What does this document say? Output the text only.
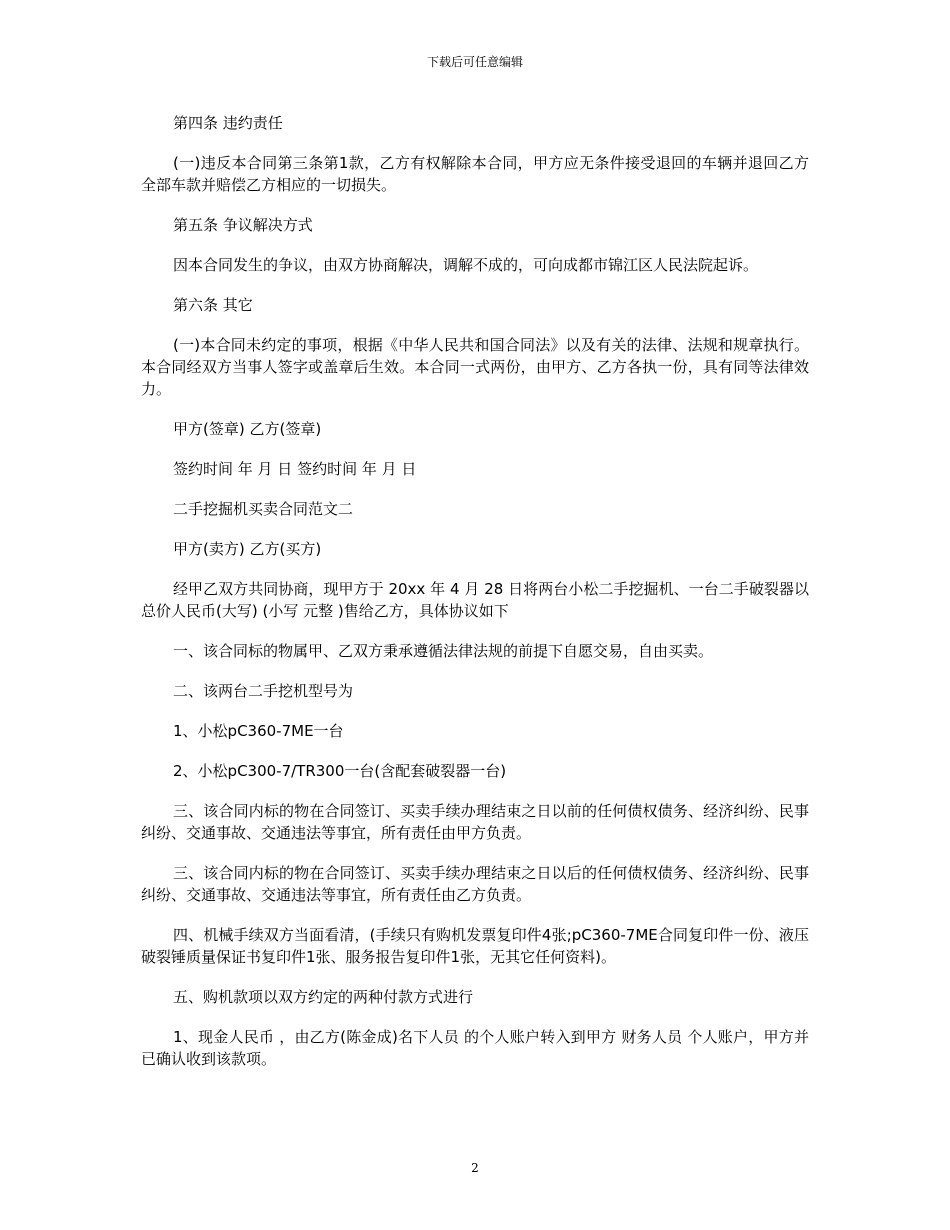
下载后可任意编辑

第四条 违约责任

(一)违反本合同第三条第1款，乙方有权解除本合同，甲方应无条件接受退回的车辆并退回乙方全部车款并赔偿乙方相应的一切损失。

第五条 争议解决方式

因本合同发生的争议，由双方协商解决，调解不成的，可向成都市锦江区人民法院起诉。

第六条 其它

(一)本合同未约定的事项，根据《中华人民共和国合同法》以及有关的法律、法规和规章执行。本合同经双方当事人签字或盖章后生效。本合同一式两份，由甲方、乙方各执一份，具有同等法律效力。

甲方(签章) 乙方(签章)

签约时间 年 月 日 签约时间 年 月 日

二手挖掘机买卖合同范文二

甲方(卖方) 乙方(买方)

经甲乙双方共同协商，现甲方于 20xx 年 4 月 28 日将两台小松二手挖掘机、一台二手破裂器以总价人民币(大写) (小写 元整 )售给乙方，具体协议如下

一、该合同标的物属甲、乙双方秉承遵循法律法规的前提下自愿交易，自由买卖。

二、该两台二手挖机型号为

1、小松pC360-7ME一台

2、小松pC300-7/TR300一台(含配套破裂器一台)

三、该合同内标的物在合同签订、买卖手续办理结束之日以前的任何债权债务、经济纠纷、民事纠纷、交通事故、交通违法等事宜，所有责任由甲方负责。

三、该合同内标的物在合同签订、买卖手续办理结束之日以后的任何债权债务、经济纠纷、民事纠纷、交通事故、交通违法等事宜，所有责任由乙方负责。

四、机械手续双方当面看清，(手续只有购机发票复印件4张;pC360-7ME合同复印件一份、液压破裂锤质量保证书复印件1张、服务报告复印件1张，无其它任何资料)。

五、购机款项以双方约定的两种付款方式进行

1、现金人民币 ，由乙方(陈金成)名下人员 的个人账户转入到甲方 财务人员 个人账户，甲方并已确认收到该款项。

2
